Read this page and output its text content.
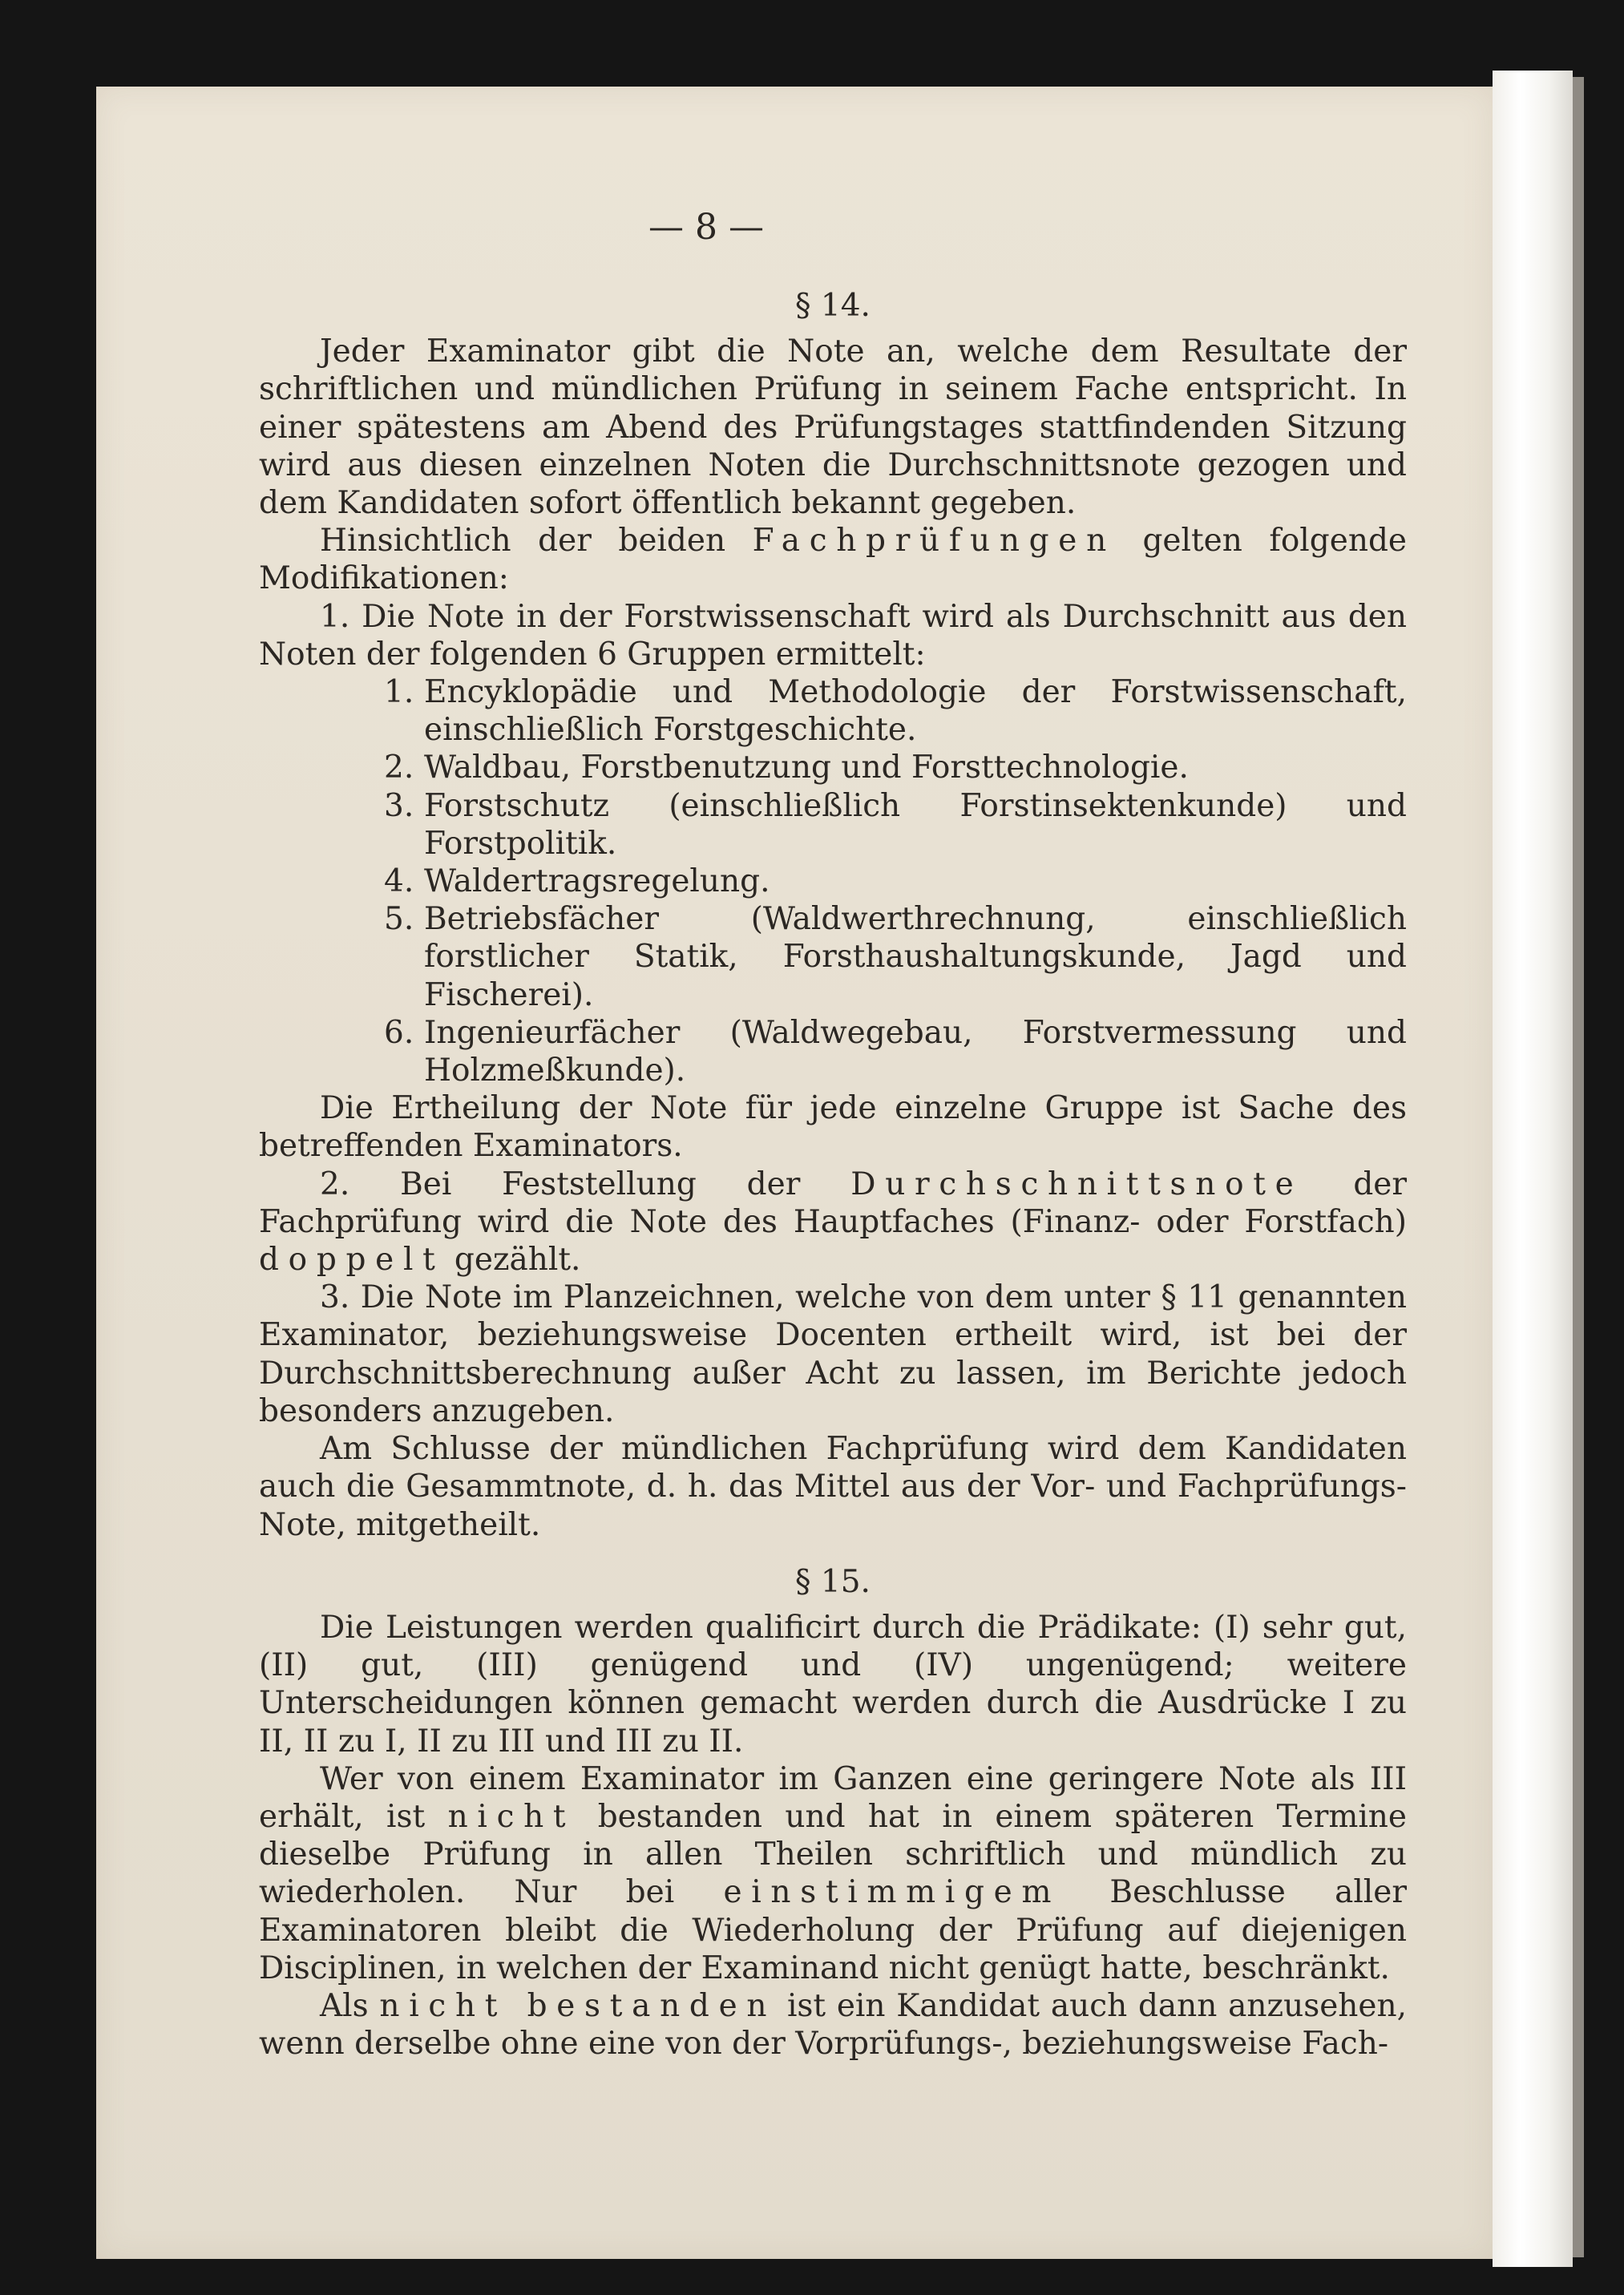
— 8 —
§ 14.

Jeder Examinator gibt die Note an, welche dem Resultate der schriftlichen und mündlichen Prüfung in seinem Fache entspricht. In einer spätestens am Abend des Prüfungstages stattfindenden Sitzung wird aus diesen einzelnen Noten die Durchschnittsnote gezogen und dem Kandidaten sofort öffentlich bekannt gegeben.

Hinsichtlich der beiden Fachprüfungen gelten folgende Modifikationen:

1. Die Note in der Forstwissenschaft wird als Durchschnitt aus den Noten der folgenden 6 Gruppen ermittelt:

1. Encyklopädie und Methodologie der Forstwissenschaft, einschließlich Forstgeschichte.
2. Waldbau, Forstbenutzung und Forsttechnologie.
3. Forstschutz (einschließlich Forstinsektenkunde) und Forstpolitik.
4. Waldertragsregelung.
5. Betriebsfächer (Waldwerthrechnung, einschließlich forstlicher Statik, Forsthaushaltungskunde, Jagd und Fischerei).
6. Ingenieurfächer (Waldwegebau, Forstvermessung und Holzmeßkunde).

Die Ertheilung der Note für jede einzelne Gruppe ist Sache des betreffenden Examinators.

2. Bei Feststellung der Durchschnittsnote der Fachprüfung wird die Note des Hauptfaches (Finanz- oder Forstfach) doppelt gezählt.

3. Die Note im Planzeichnen, welche von dem unter § 11 genannten Examinator, beziehungsweise Docenten ertheilt wird, ist bei der Durchschnittsberechnung außer Acht zu lassen, im Berichte jedoch besonders anzugeben.

Am Schlusse der mündlichen Fachprüfung wird dem Kandidaten auch die Gesammtnote, d. h. das Mittel aus der Vor- und Fachprüfungs-Note, mitgetheilt.

§ 15.

Die Leistungen werden qualificirt durch die Prädikate: (I) sehr gut, (II) gut, (III) genügend und (IV) ungenügend; weitere Unterscheidungen können gemacht werden durch die Ausdrücke I zu II, II zu I, II zu III und III zu II.

Wer von einem Examinator im Ganzen eine geringere Note als III erhält, ist nicht bestanden und hat in einem späteren Termine dieselbe Prüfung in allen Theilen schriftlich und mündlich zu wiederholen. Nur bei einstimmigem Beschlusse aller Examinatoren bleibt die Wiederholung der Prüfung auf diejenigen Disciplinen, in welchen der Examinand nicht genügt hatte, beschränkt.

Als nicht bestanden ist ein Kandidat auch dann anzusehen, wenn derselbe ohne eine von der Vorprüfungs-, beziehungsweise Fach-
